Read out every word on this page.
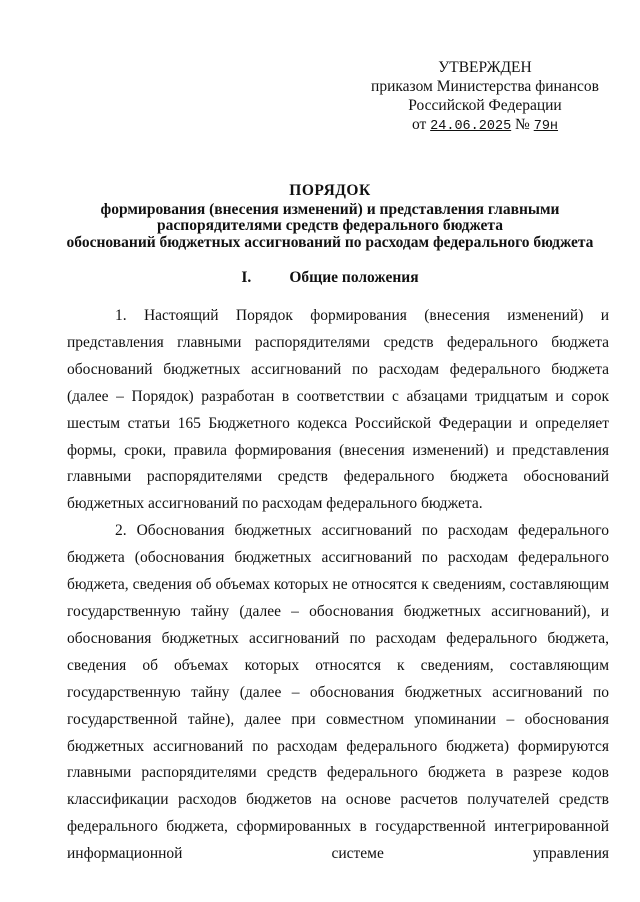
УТВЕРЖДЕН
приказом Министерства финансов
Российской Федерации
от 24.06.2025 № 79н
ПОРЯДОК
формирования (внесения изменений) и представления главными
распорядителями средств федерального бюджета
обоснований бюджетных ассигнований по расходам федерального бюджета
I. Общие положения

1. Настоящий Порядок формирования (внесения изменений) и представления главными распорядителями средств федерального бюджета обоснований бюджетных ассигнований по расходам федерального бюджета (далее – Порядок) разработан в соответствии с абзацами тридцатым и сорок шестым статьи 165 Бюджетного кодекса Российской Федерации и определяет формы, сроки, правила формирования (внесения изменений) и представления главными распорядителями средств федерального бюджета обоснований бюджетных ассигнований по расходам федерального бюджета.

2. Обоснования бюджетных ассигнований по расходам федерального бюджета (обоснования бюджетных ассигнований по расходам федерального бюджета, сведения об объемах которых не относятся к сведениям, составляющим государственную тайну (далее – обоснования бюджетных ассигнований), и обоснования бюджетных ассигнований по расходам федерального бюджета, сведения об объемах которых относятся к сведениям, составляющим государственную тайну (далее – обоснования бюджетных ассигнований по государственной тайне), далее при совместном упоминании – обоснования бюджетных ассигнований по расходам федерального бюджета) формируются главными распорядителями средств федерального бюджета в разрезе кодов классификации расходов бюджетов на основе расчетов получателей средств федерального бюджета, сформированных в государственной интегрированной информационной системе управления
